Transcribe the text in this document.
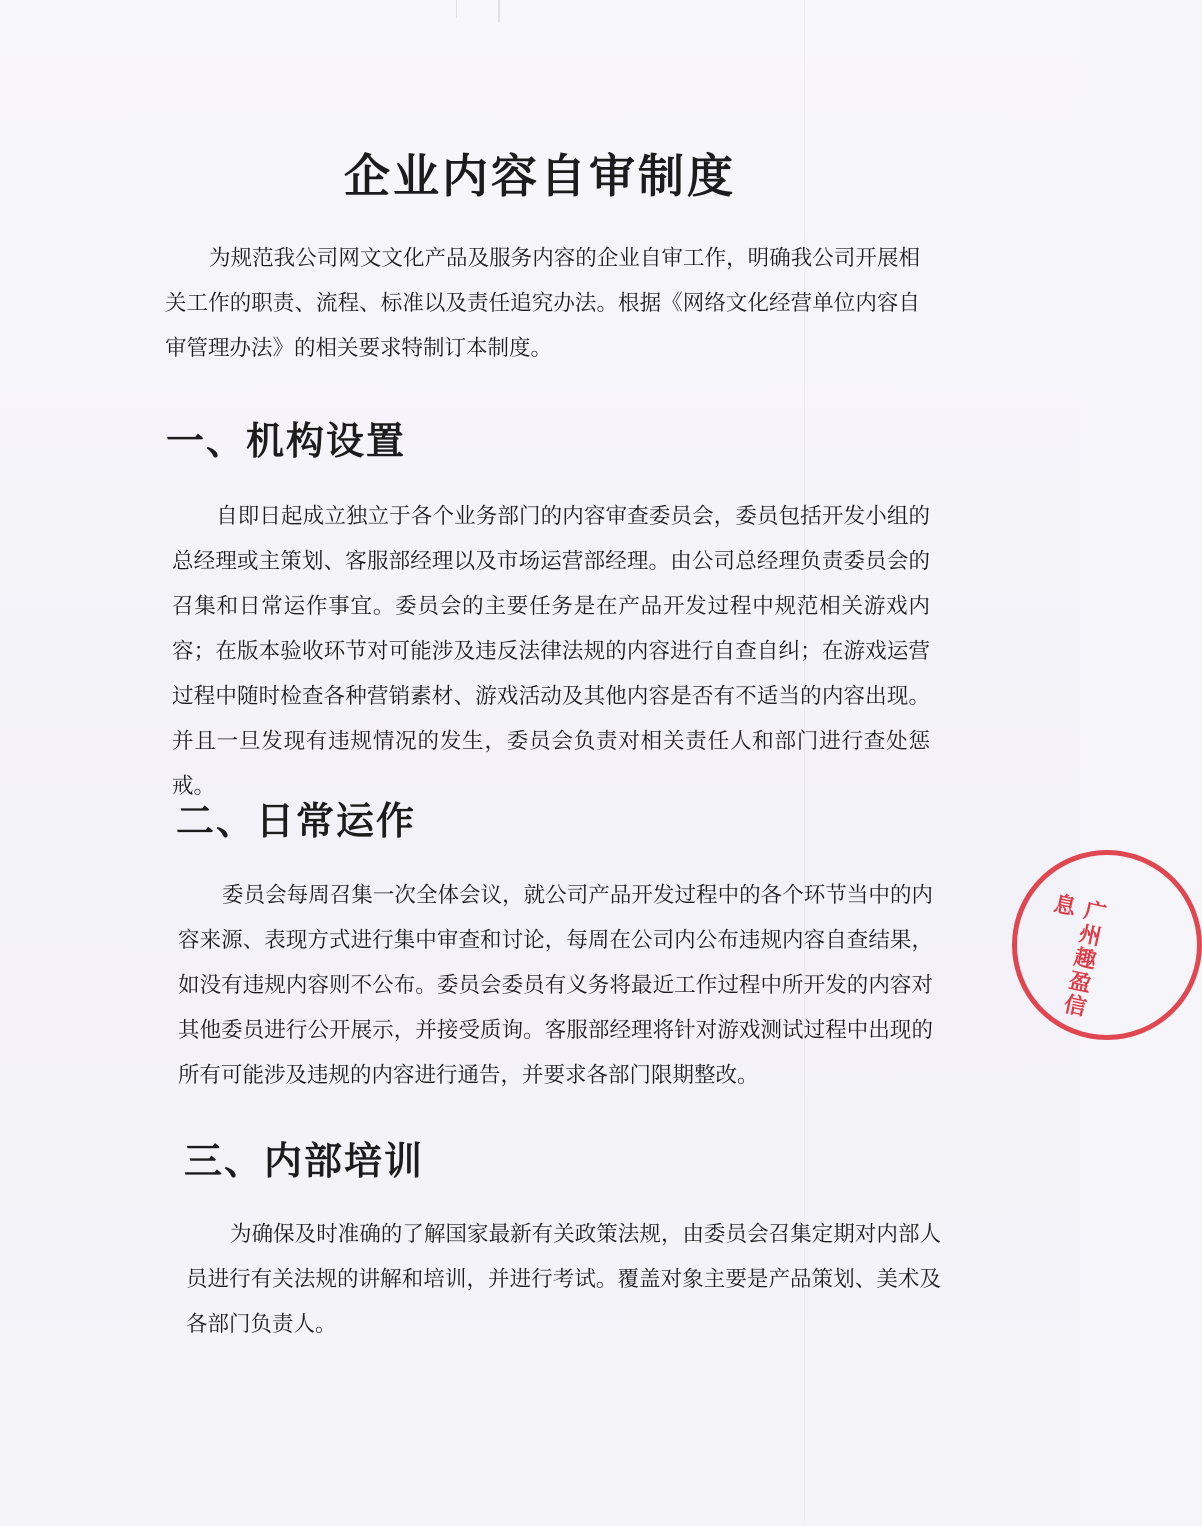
企业内容自审制度

为规范我公司网文文化产品及服务内容的企业自审工作，明确我公司开展相关工作的职责、流程、标准以及责任追究办法。根据《网络文化经营单位内容自审管理办法》的相关要求特制订本制度。

一、机构设置

自即日起成立独立于各个业务部门的内容审查委员会，委员包括开发小组的总经理或主策划、客服部经理以及市场运营部经理。由公司总经理负责委员会的召集和日常运作事宜。委员会的主要任务是在产品开发过程中规范相关游戏内容；在版本验收环节对可能涉及违反法律法规的内容进行自查自纠；在游戏运营过程中随时检查各种营销素材、游戏活动及其他内容是否有不适当的内容出现。并且一旦发现有违规情况的发生，委员会负责对相关责任人和部门进行查处惩戒。

二、日常运作

委员会每周召集一次全体会议，就公司产品开发过程中的各个环节当中的内容来源、表现方式进行集中审查和讨论，每周在公司内公布违规内容自查结果，如没有违规内容则不公布。委员会委员有义务将最近工作过程中所开发的内容对其他委员进行公开展示，并接受质询。客服部经理将针对游戏测试过程中出现的所有可能涉及违规的内容进行通告，并要求各部门限期整改。

三、内部培训

为确保及时准确的了解国家最新有关政策法规，由委员会召集定期对内部人员进行有关法规的讲解和培训，并进行考试。覆盖对象主要是产品策划、美术及各部门负责人。

广州趣盈信息
